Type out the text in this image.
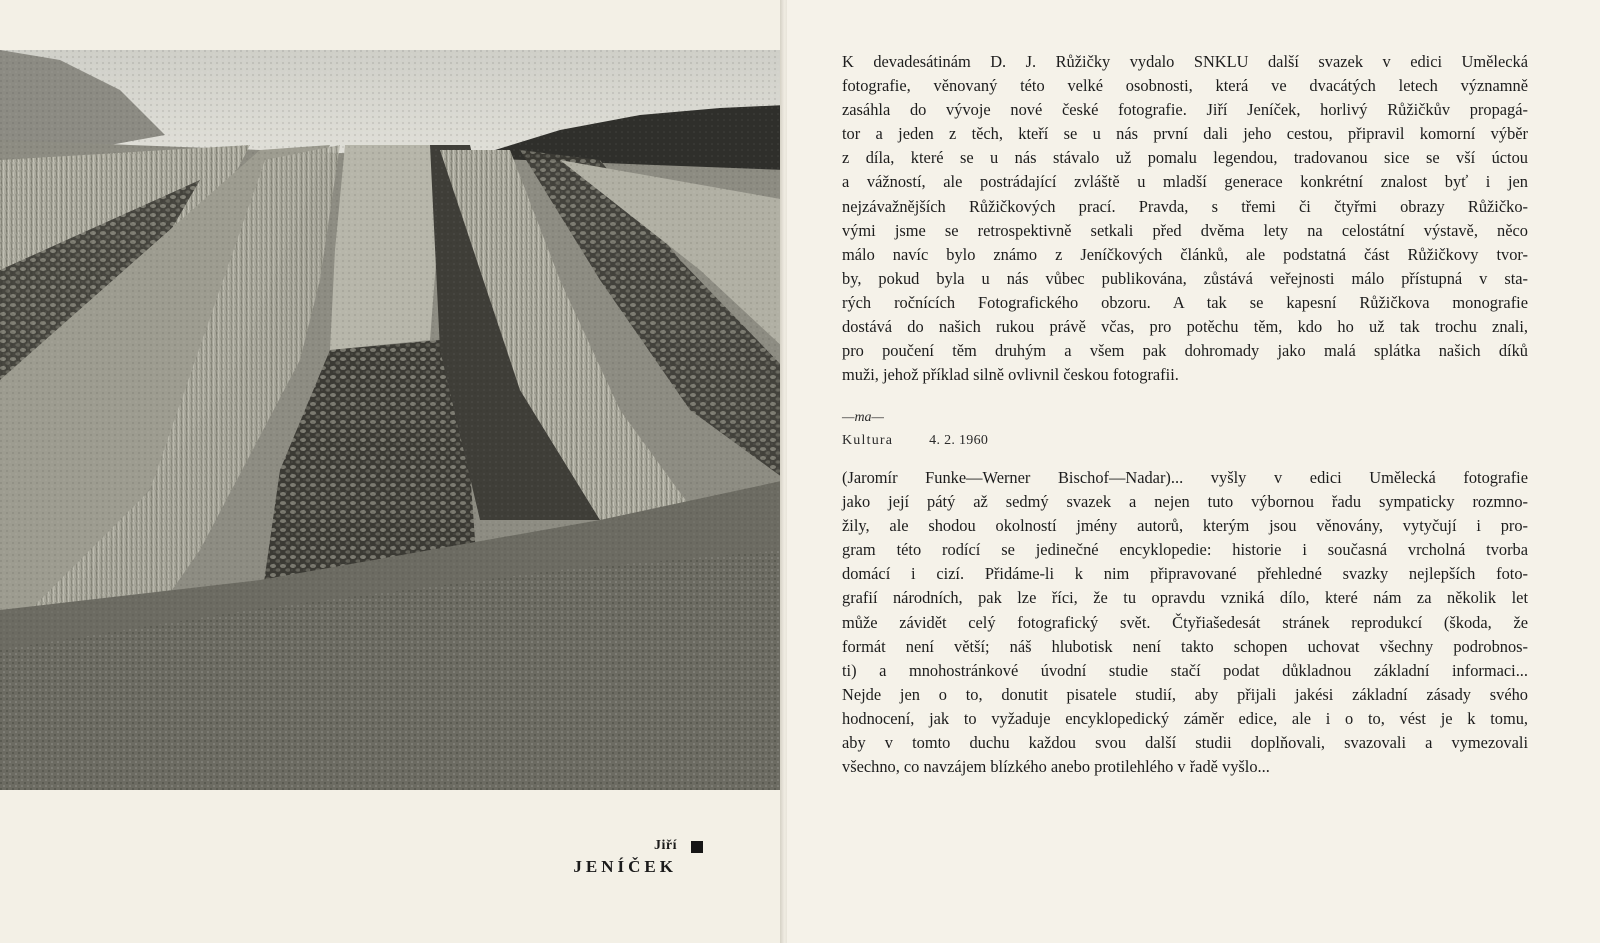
Jiří
JENÍČEK
K devadesátinám D. J. Růžičky vydalo SNKLU další svazek v edici Umělecká
fotografie, věnovaný této velké osobnosti, která ve dvacátých letech významně
zasáhla do vývoje nové české fotografie. Jiří Jeníček, horlivý Růžičkův propagá-
tor a jeden z těch, kteří se u nás první dali jeho cestou, připravil komorní výběr
z díla, které se u nás stávalo už pomalu legendou, tradovanou sice se vší úctou
a vážností, ale postrádající zvláště u mladší generace konkrétní znalost byť i jen
nejzávažnějších Růžičkových prací. Pravda, s třemi či čtyřmi obrazy Růžičko-
vými jsme se retrospektivně setkali před dvěma lety na celostátní výstavě, něco
málo navíc bylo známo z Jeníčkových článků, ale podstatná část Růžičkovy tvor-
by, pokud byla u nás vůbec publikována, zůstává veřejnosti málo přístupná v sta-
rých ročnících Fotografického obzoru. A tak se kapesní Růžičkova monografie
dostává do našich rukou právě včas, pro potěchu těm, kdo ho už tak trochu znali,
pro poučení těm druhým a všem pak dohromady jako malá splátka našich díků
muži, jehož příklad silně ovlivnil českou fotografii.
—ma—
Kultura	4. 2. 1960
(Jaromír Funke—Werner Bischof—Nadar)... vyšly v edici Umělecká fotografie
jako její pátý až sedmý svazek a nejen tuto výbornou řadu sympaticky rozmno-
žily, ale shodou okolností jmény autorů, kterým jsou věnovány, vytyčují i pro-
gram této rodící se jedinečné encyklopedie: historie i současná vrcholná tvorba
domácí i cizí. Přidáme-li k nim připravované přehledné svazky nejlepších foto-
grafií národních, pak lze říci, že tu opravdu vzniká dílo, které nám za několik let
může závidět celý fotografický svět. Čtyřiašedesát stránek reprodukcí (škoda, že
formát není větší; náš hlubotisk není takto schopen uchovat všechny podrobnos-
ti) a mnohostránkové úvodní studie stačí podat důkladnou základní informaci...
Nejde jen o to, donutit pisatele studií, aby přijali jakési základní zásady svého
hodnocení, jak to vyžaduje encyklopedický záměr edice, ale i o to, vést je k tomu,
aby v tomto duchu každou svou další studii doplňovali, svazovali a vymezovali
všechno, co navzájem blízkého anebo protilehlého v řadě vyšlo...
